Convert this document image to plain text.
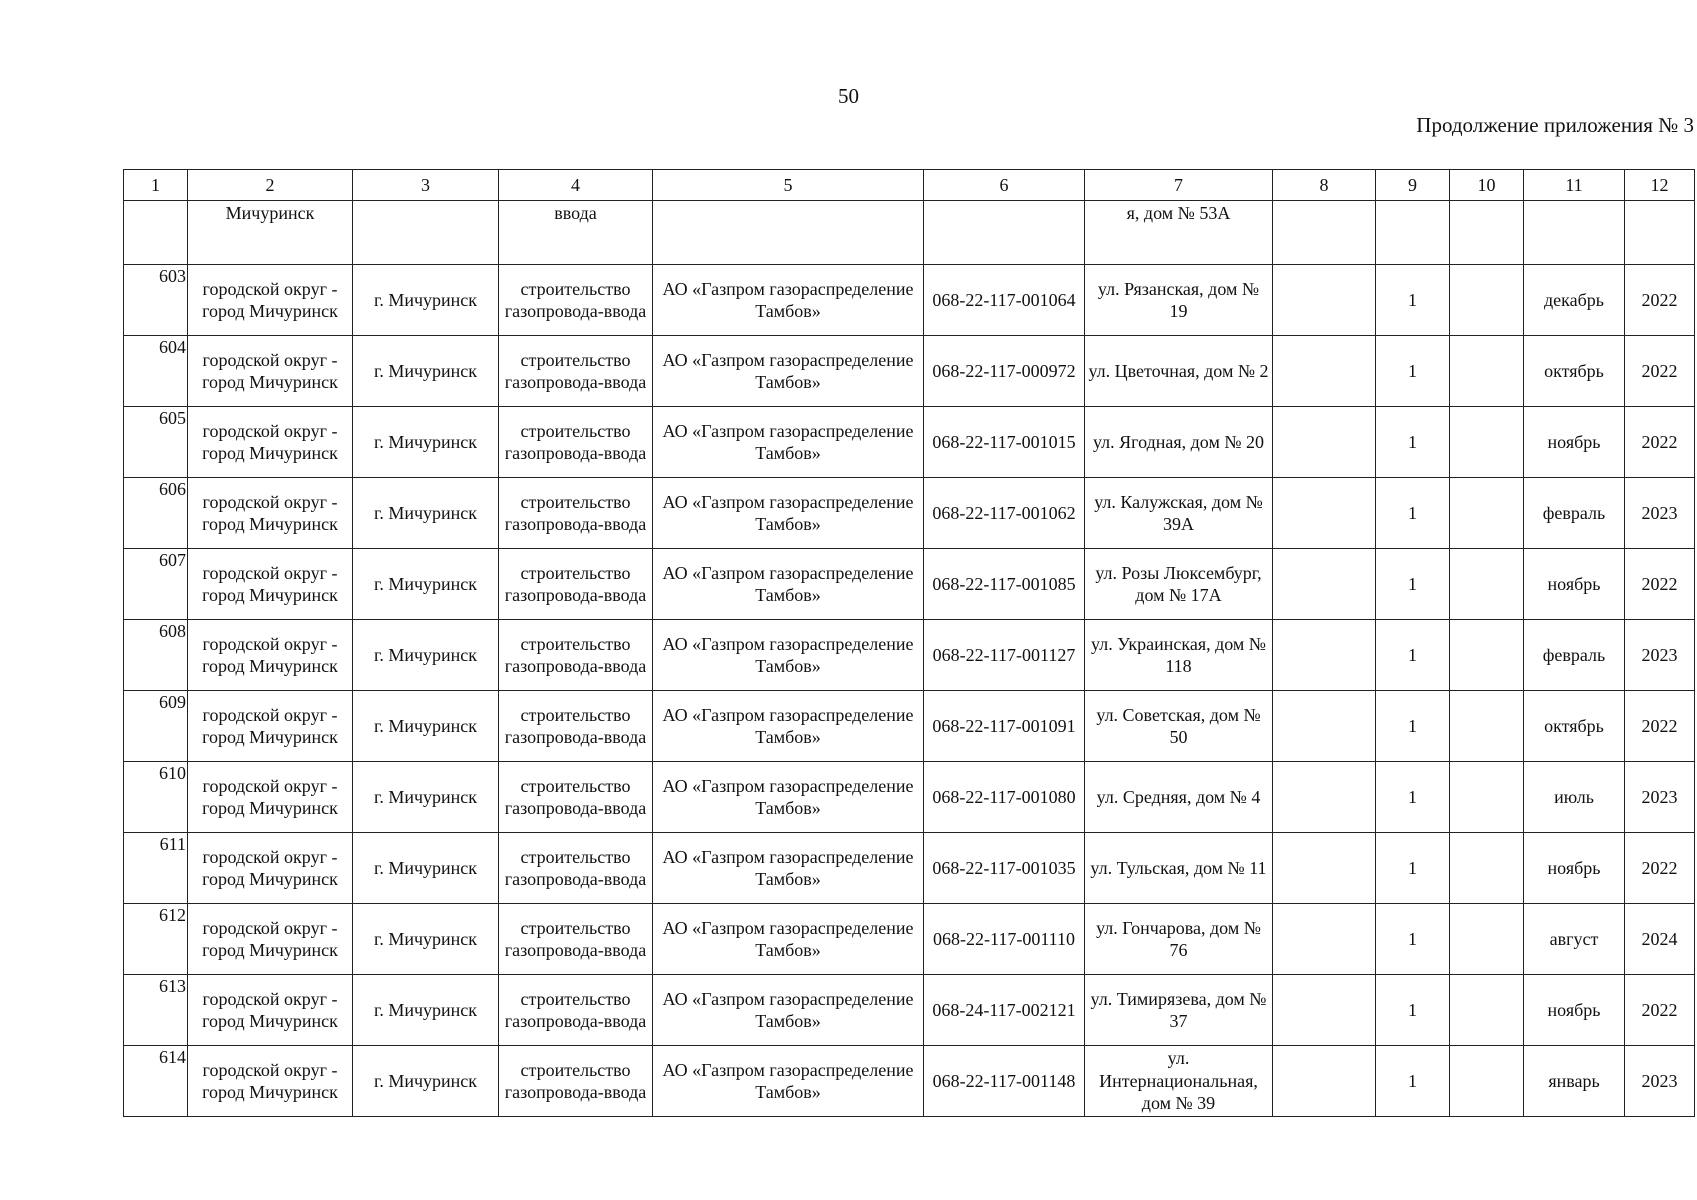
50
Продолжение приложения № 3
1	2	3	4	5	6	7	8	9	10	11	12
	Мичуринск		ввода			я, дом № 53А					
603	городской округ - город Мичуринск	г. Мичуринск	строительство газопровода-ввода	АО «Газпром газораспределение Тамбов»	068-22-117-001064	ул. Рязанская, дом № 19		1		декабрь	2022
604	городской округ - город Мичуринск	г. Мичуринск	строительство газопровода-ввода	АО «Газпром газораспределение Тамбов»	068-22-117-000972	ул. Цветочная, дом № 2		1		октябрь	2022
605	городской округ - город Мичуринск	г. Мичуринск	строительство газопровода-ввода	АО «Газпром газораспределение Тамбов»	068-22-117-001015	ул. Ягодная, дом № 20		1		ноябрь	2022
606	городской округ - город Мичуринск	г. Мичуринск	строительство газопровода-ввода	АО «Газпром газораспределение Тамбов»	068-22-117-001062	ул. Калужская, дом № 39А		1		февраль	2023
607	городской округ - город Мичуринск	г. Мичуринск	строительство газопровода-ввода	АО «Газпром газораспределение Тамбов»	068-22-117-001085	ул. Розы Люксембург, дом № 17А		1		ноябрь	2022
608	городской округ - город Мичуринск	г. Мичуринск	строительство газопровода-ввода	АО «Газпром газораспределение Тамбов»	068-22-117-001127	ул. Украинская, дом № 118		1		февраль	2023
609	городской округ - город Мичуринск	г. Мичуринск	строительство газопровода-ввода	АО «Газпром газораспределение Тамбов»	068-22-117-001091	ул. Советская, дом № 50		1		октябрь	2022
610	городской округ - город Мичуринск	г. Мичуринск	строительство газопровода-ввода	АО «Газпром газораспределение Тамбов»	068-22-117-001080	ул. Средняя, дом № 4		1		июль	2023
611	городской округ - город Мичуринск	г. Мичуринск	строительство газопровода-ввода	АО «Газпром газораспределение Тамбов»	068-22-117-001035	ул. Тульская, дом № 11		1		ноябрь	2022
612	городской округ - город Мичуринск	г. Мичуринск	строительство газопровода-ввода	АО «Газпром газораспределение Тамбов»	068-22-117-001110	ул. Гончарова, дом № 76		1		август	2024
613	городской округ - город Мичуринск	г. Мичуринск	строительство газопровода-ввода	АО «Газпром газораспределение Тамбов»	068-24-117-002121	ул. Тимирязева, дом № 37		1		ноябрь	2022
614	городской округ - город Мичуринск	г. Мичуринск	строительство газопровода-ввода	АО «Газпром газораспределение Тамбов»	068-22-117-001148	ул. Интернациональная, дом № 39		1		январь	2023
